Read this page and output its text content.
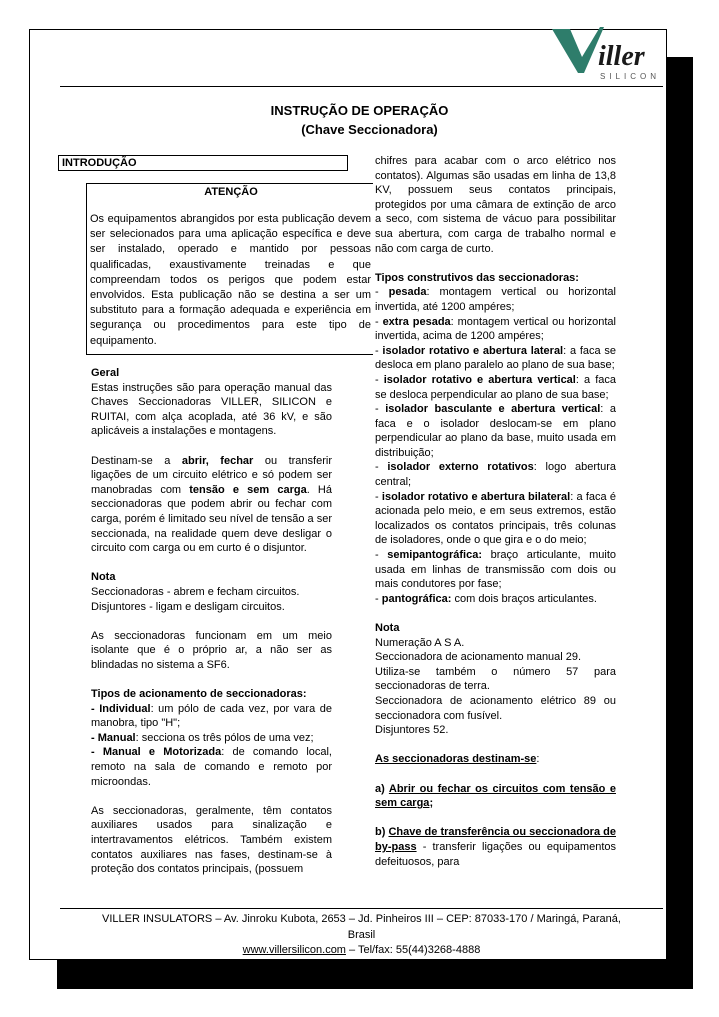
iller
SILICON
INSTRUÇÃO DE OPERAÇÃO
(Chave Seccionadora)
INTRODUÇÃO
ATENÇÃO
Os equipamentos abrangidos por esta publicação devem ser selecionados para uma aplicação específica e deve ser instalado, operado e mantido por pessoas qualificadas, exaustivamente treinadas e que compreendam todos os perigos que podem estar envolvidos. Esta publicação não se destina a ser um substituto para a formação adequada e experiência em segurança ou procedimentos para este tipo de equipamento.

Geral

Estas instruções são para operação manual das Chaves Seccionadoras VILLER, SILICON e RUITAI, com alça acoplada, até 36 kV, e são aplicáveis a instalações e montagens.

Destinam-se a abrir, fechar ou transferir ligações de um circuito elétrico e só podem ser manobradas com tensão e sem carga. Há seccionadoras que podem abrir ou fechar com carga, porém é limitado seu nível de tensão a ser seccionada, na realidade quem deve desligar o circuito com carga ou em curto é o disjuntor.

Nota

Seccionadoras - abrem e fecham circuitos.

Disjuntores - ligam e desligam circuitos.

As seccionadoras funcionam em um meio isolante que é o próprio ar, a não ser as blindadas no sistema a SF6.

Tipos de acionamento de seccionadoras:

- Individual: um pólo de cada vez, por vara de manobra, tipo "H";

- Manual: secciona os três pólos de uma vez;

- Manual e Motorizada: de comando local, remoto na sala de comando e remoto por microondas.

As seccionadoras, geralmente, têm contatos auxiliares usados para sinalização e intertravamentos elétricos. Também existem contatos auxiliares nas fases, destinam-se à proteção dos contatos principais, (possuem

chifres para acabar com o arco elétrico nos contatos). Algumas são usadas em linha de 13,8 KV, possuem seus contatos principais, protegidos por uma câmara de extinção de arco a seco, com sistema de vácuo para possibilitar sua abertura, com carga de trabalho normal e não com carga de curto.

Tipos construtivos das seccionadoras:

- pesada: montagem vertical ou horizontal invertida, até 1200 ampéres;

- extra pesada: montagem vertical ou horizontal invertida, acima de 1200 ampéres;

- isolador rotativo e abertura lateral: a faca se desloca em plano paralelo ao plano de sua base;

- isolador rotativo e abertura vertical: a faca se desloca perpendicular ao plano de sua base;

- isolador basculante e abertura vertical: a faca e o isolador deslocam-se em plano perpendicular ao plano da base, muito usada em distribuição;

- isolador externo rotativos: logo abertura central;

- isolador rotativo e abertura bilateral: a faca é acionada pelo meio, e em seus extremos, estão localizados os contatos principais, três colunas de isoladores, onde o que gira e o do meio;

- semipantográfica: braço articulante, muito usada em linhas de transmissão com dois ou mais condutores por fase;

- pantográfica: com dois braços articulantes.

Nota

Numeração A S A.

Seccionadora de acionamento manual 29.

Utiliza-se também o número 57 para seccionadoras de terra.

Seccionadora de acionamento elétrico 89 ou seccionadora com fusível.

Disjuntores 52.

As seccionadoras destinam-se:

a) Abrir ou fechar os circuitos com tensão e sem carga;

b) Chave de transferência ou seccionadora de by-pass - transferir ligações ou equipamentos defeituosos, para

VILLER INSULATORS – Av. Jinroku Kubota, 2653 – Jd. Pinheiros III – CEP: 87033-170 / Maringá, Paraná,
Brasil
www.villersilicon.com – Tel/fax: 55(44)3268-4888
